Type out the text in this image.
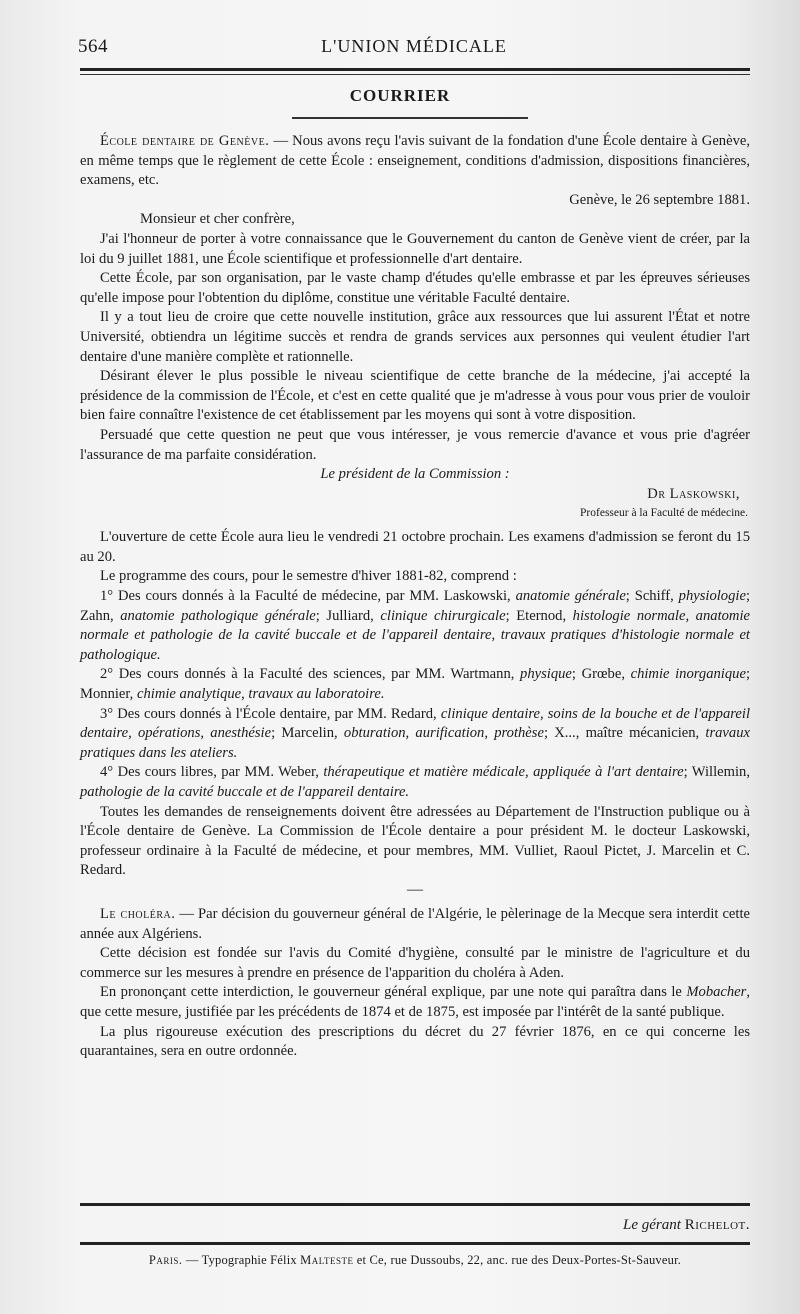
564	L'UNION MÉDICALE
COURRIER

École dentaire de Genève. — Nous avons reçu l'avis suivant de la fondation d'une École dentaire à Genève, en même temps que le règlement de cette École : enseignement, conditions d'admission, dispositions financières, examens, etc.

Genève, le 26 septembre 1881.

Monsieur et cher confrère,

J'ai l'honneur de porter à votre connaissance que le Gouvernement du canton de Genève vient de créer, par la loi du 9 juillet 1881, une École scientifique et professionnelle d'art dentaire.

Cette École, par son organisation, par le vaste champ d'études qu'elle embrasse et par les épreuves sérieuses qu'elle impose pour l'obtention du diplôme, constitue une véritable Faculté dentaire.

Il y a tout lieu de croire que cette nouvelle institution, grâce aux ressources que lui assurent l'État et notre Université, obtiendra un légitime succès et rendra de grands services aux personnes qui veulent étudier l'art dentaire d'une manière complète et rationnelle.

Désirant élever le plus possible le niveau scientifique de cette branche de la médecine, j'ai accepté la présidence de la commission de l'École, et c'est en cette qualité que je m'adresse à vous pour vous prier de vouloir bien faire connaître l'existence de cet établissement par les moyens qui sont à votre disposition.

Persuadé que cette question ne peut que vous intéresser, je vous remercie d'avance et vous prie d'agréer l'assurance de ma parfaite considération.

Le président de la Commission :

Dr Laskowski,

Professeur à la Faculté de médecine.

L'ouverture de cette École aura lieu le vendredi 21 octobre prochain. Les examens d'admission se feront du 15 au 20.

Le programme des cours, pour le semestre d'hiver 1881-82, comprend :

1° Des cours donnés à la Faculté de médecine, par MM. Laskowski, anatomie générale; Schiff, physiologie; Zahn, anatomie pathologique générale; Julliard, clinique chirurgicale; Eternod, histologie normale, anatomie normale et pathologie de la cavité buccale et de l'appareil dentaire, travaux pratiques d'histologie normale et pathologique.

2° Des cours donnés à la Faculté des sciences, par MM. Wartmann, physique; Grœbe, chimie inorganique; Monnier, chimie analytique, travaux au laboratoire.

3° Des cours donnés à l'École dentaire, par MM. Redard, clinique dentaire, soins de la bouche et de l'appareil dentaire, opérations, anesthésie; Marcelin, obturation, aurification, prothèse; X..., maître mécanicien, travaux pratiques dans les ateliers.

4° Des cours libres, par MM. Weber, thérapeutique et matière médicale, appliquée à l'art dentaire; Willemin, pathologie de la cavité buccale et de l'appareil dentaire.

Toutes les demandes de renseignements doivent être adressées au Département de l'Instruction publique ou à l'École dentaire de Genève. La Commission de l'École dentaire a pour président M. le docteur Laskowski, professeur ordinaire à la Faculté de médecine, et pour membres, MM. Vulliet, Raoul Pictet, J. Marcelin et C. Redard.

—

Le choléra. — Par décision du gouverneur général de l'Algérie, le pèlerinage de la Mecque sera interdit cette année aux Algériens.

Cette décision est fondée sur l'avis du Comité d'hygiène, consulté par le ministre de l'agriculture et du commerce sur les mesures à prendre en présence de l'apparition du choléra à Aden.

En prononçant cette interdiction, le gouverneur général explique, par une note qui paraîtra dans le Mobacher, que cette mesure, justifiée par les précédents de 1874 et de 1875, est imposée par l'intérêt de la santé publique.

La plus rigoureuse exécution des prescriptions du décret du 27 février 1876, en ce qui concerne les quarantaines, sera en outre ordonnée.

Le gérant Richelot.
Paris. — Typographie Félix Malteste et Ce, rue Dussoubs, 22, anc. rue des Deux-Portes-St-Sauveur.
